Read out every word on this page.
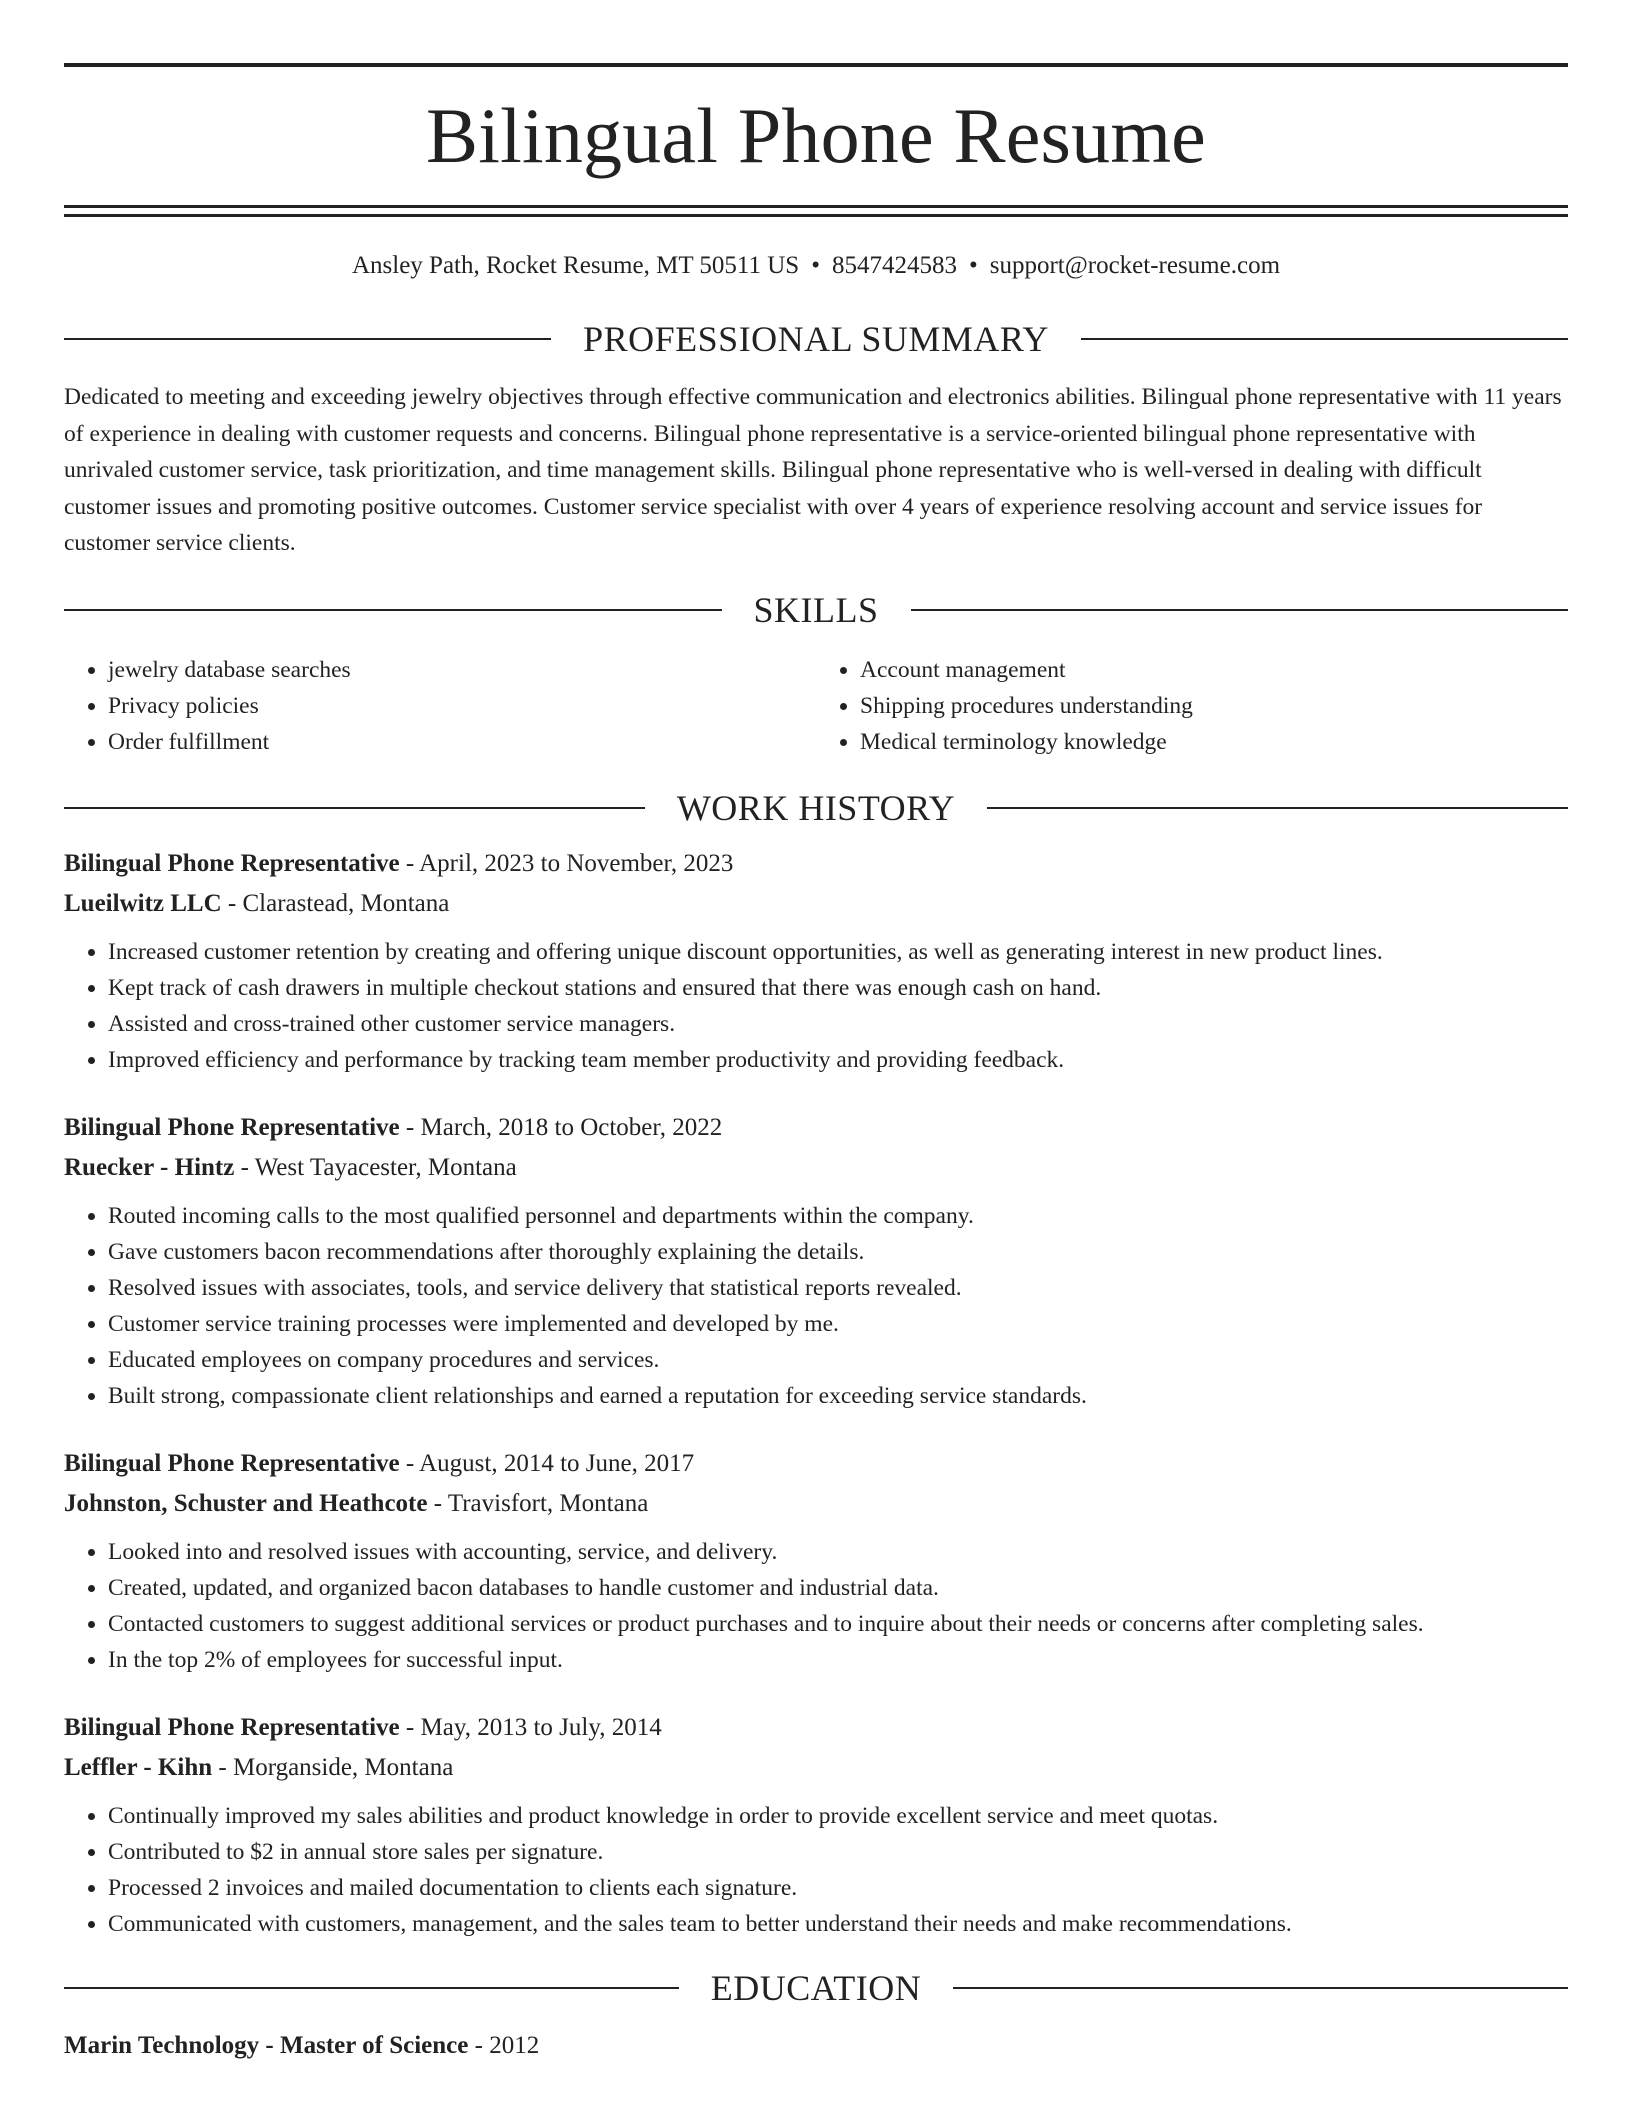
Bilingual Phone Resume
Ansley Path, Rocket Resume, MT 50511 US • 8547424583 • support@rocket-resume.com
PROFESSIONAL SUMMARY
Dedicated to meeting and exceeding jewelry objectives through effective communication and electronics abilities. Bilingual phone representative with 11 years of experience in dealing with customer requests and concerns. Bilingual phone representative is a service-oriented bilingual phone representative with unrivaled customer service, task prioritization, and time management skills. Bilingual phone representative who is well-versed in dealing with difficult customer issues and promoting positive outcomes. Customer service specialist with over 4 years of experience resolving account and service issues for customer service clients.
SKILLS
• jewelry database searches
• Privacy policies
• Order fulfillment
• Account management
• Shipping procedures understanding
• Medical terminology knowledge
WORK HISTORY
Bilingual Phone Representative - April, 2023 to November, 2023
Lueilwitz LLC - Clarastead, Montana
• Increased customer retention by creating and offering unique discount opportunities, as well as generating interest in new product lines.
• Kept track of cash drawers in multiple checkout stations and ensured that there was enough cash on hand.
• Assisted and cross-trained other customer service managers.
• Improved efficiency and performance by tracking team member productivity and providing feedback.
Bilingual Phone Representative - March, 2018 to October, 2022
Ruecker - Hintz - West Tayacester, Montana
• Routed incoming calls to the most qualified personnel and departments within the company.
• Gave customers bacon recommendations after thoroughly explaining the details.
• Resolved issues with associates, tools, and service delivery that statistical reports revealed.
• Customer service training processes were implemented and developed by me.
• Educated employees on company procedures and services.
• Built strong, compassionate client relationships and earned a reputation for exceeding service standards.
Bilingual Phone Representative - August, 2014 to June, 2017
Johnston, Schuster and Heathcote - Travisfort, Montana
• Looked into and resolved issues with accounting, service, and delivery.
• Created, updated, and organized bacon databases to handle customer and industrial data.
• Contacted customers to suggest additional services or product purchases and to inquire about their needs or concerns after completing sales.
• In the top 2% of employees for successful input.
Bilingual Phone Representative - May, 2013 to July, 2014
Leffler - Kihn - Morganside, Montana
• Continually improved my sales abilities and product knowledge in order to provide excellent service and meet quotas.
• Contributed to $2 in annual store sales per signature.
• Processed 2 invoices and mailed documentation to clients each signature.
• Communicated with customers, management, and the sales team to better understand their needs and make recommendations.
EDUCATION
Marin Technology - Master of Science - 2012
